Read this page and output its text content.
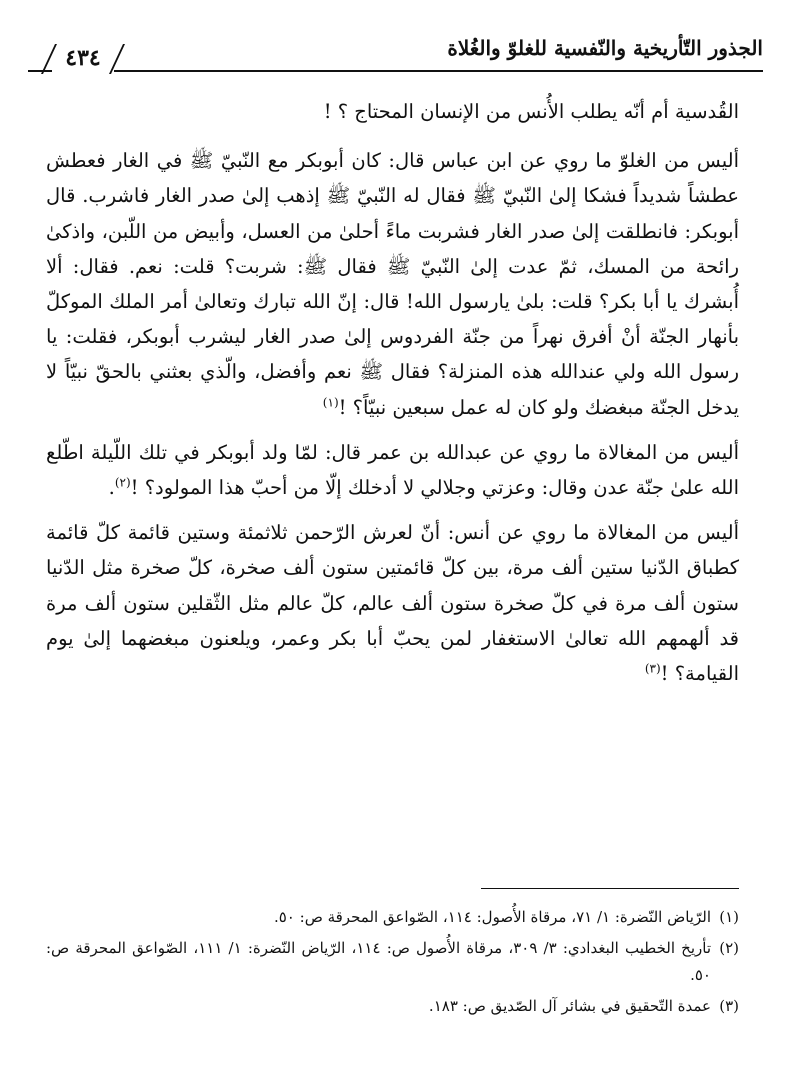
الجذور التّأريخية والنّفسية للغلوّ والغُلاة
٤٣٤

القُدسية أم أنّه يطلب الأُنس من الإنسان المحتاج ؟ !

أليس من الغلوّ ما روي عن ابن عباس قال: كان أبوبكر مع النّبيّ ﷺ في الغار فعطش عطشاً شديداً فشكا إلىٰ النّبيّ ﷺ فقال له النّبيّ ﷺ إذهب إلىٰ صدر الغار فاشرب. قال أبوبكر: فانطلقت إلىٰ صدر الغار فشربت ماءً أحلىٰ من العسل، وأبيض من اللّبن، واذكىٰ رائحة من المسك، ثمّ عدت إلىٰ النّبيّ ﷺ فقال ﷺ: شربت؟ قلت: نعم. فقال: ألا أُبشرك يا أبا بكر؟ قلت: بلىٰ يارسول الله! قال: إنّ الله تبارك وتعالىٰ أمر الملك الموكلّ بأنهار الجنّة أنْ أفرق نهراً من جنّة الفردوس إلىٰ صدر الغار ليشرب أبوبكر، فقلت: يا رسول الله ولي عندالله هذه المنزلة؟ فقال ﷺ نعم وأفضل، والّذي بعثني بالحقّ نبيّاً لا يدخل الجنّة مبغضك ولو كان له عمل سبعين نبيّاً؟ !$^{(١)}$

أليس من المغالاة ما روي عن عبدالله بن عمر قال: لمّا ولد أبوبكر في تلك اللّيلة اطّلع الله علىٰ جنّة عدن وقال: وعزتي وجلالي لا أدخلك إلّا من أحبّ هذا المولود؟ !$^{(٢)}$.

أليس من المغالاة ما روي عن أنس: أنّ لعرش الرّحمن ثلاثمئة وستين قائمة كلّ قائمة كطباق الدّنيا ستين ألف مرة، بين كلّ قائمتين ستون ألف صخرة، كلّ صخرة مثل الدّنيا ستون ألف مرة في كلّ صخرة ستون ألف عالم، كلّ عالم مثل الثّقلين ستون ألف مرة قد ألهمهم الله تعالىٰ الاستغفار لمن يحبّ أبا بكر وعمر، ويلعنون مبغضهما إلىٰ يوم القيامة؟ !$^{(٣)}$

(١)
الرّياض النّضرة: ١/ ٧١، مرقاة الأُصول: ١١٤، الصّواعق المحرقة ص: ٥٠.
(٢)
تأريخ الخطيب البغدادي: ٣/ ٣٠٩، مرقاة الأُصول ص: ١١٤، الرّياض النّضرة: ١/ ١١١، الصّواعق المحرقة ص: ٥٠.
(٣)
عمدة التّحقيق في بشائر آل الصّديق ص: ١٨٣.
